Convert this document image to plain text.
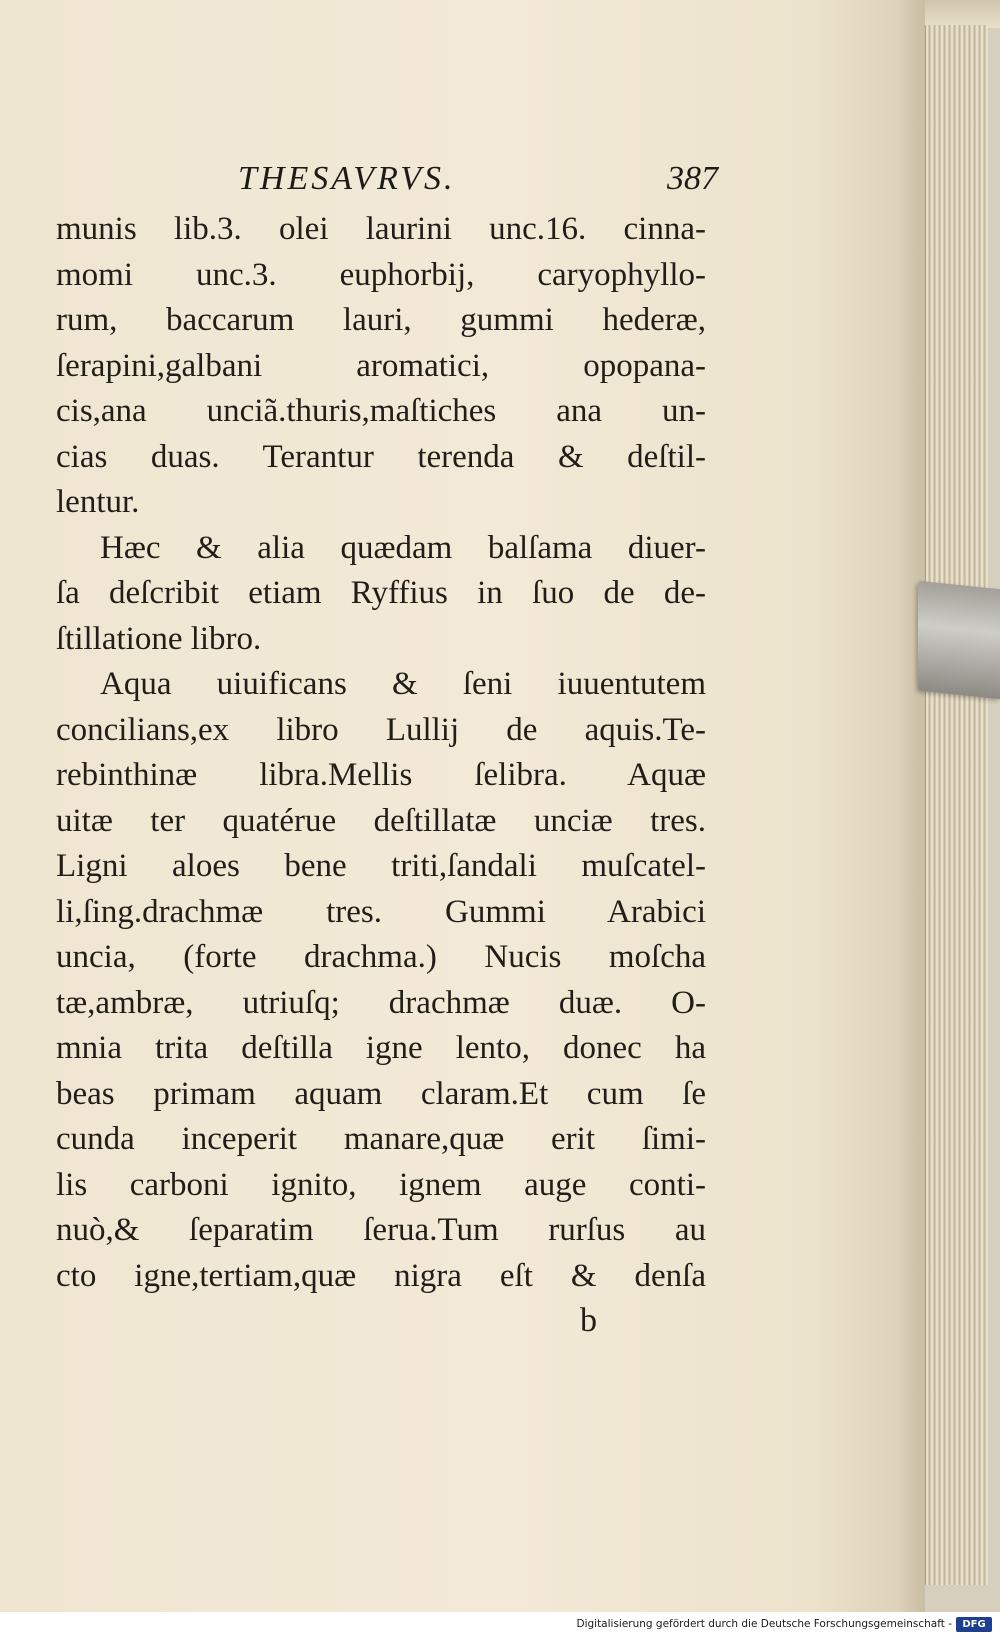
THESAVRVS.	387
munis lib.3. olei laurini unc.16. cinna-
momi unc.3. euphorbij, caryophyllo-
rum, baccarum lauri, gummi hederæ,
ſerapini,galbani aromatici, opopana-
cis,ana unciã.thuris,maſtiches ana un-
cias duas. Terantur terenda & deſtil-
lentur.
Hæc & alia quædam balſama diuer-
ſa deſcribit etiam Ryffius in ſuo de de-
ſtillatione libro.
Aqua uiuificans & ſeni iuuentutem
concilians,ex libro Lullij de aquis.Te-
rebinthinæ libra.Mellis ſelibra. Aquæ
uitæ ter quatérue deſtillatæ unciæ tres.
Ligni aloes bene triti,ſandali muſcatel-
li,ſing.drachmæ tres. Gummi Arabici
uncia, (forte drachma.) Nucis moſcha
tæ,ambræ, utriuſq; drachmæ duæ. O-
mnia trita deſtilla igne lento, donec ha
beas primam aquam claram.Et cum ſe
cunda inceperit manare,quæ erit ſimi-
lis carboni ignito, ignem auge conti-
nuò,& ſeparatim ſerua.Tum rurſus au
cto igne,tertiam,quæ nigra eſt & denſa
b
Digitalisierung gefördert durch die Deutsche Forschungsgemeinschaft -	DFG
